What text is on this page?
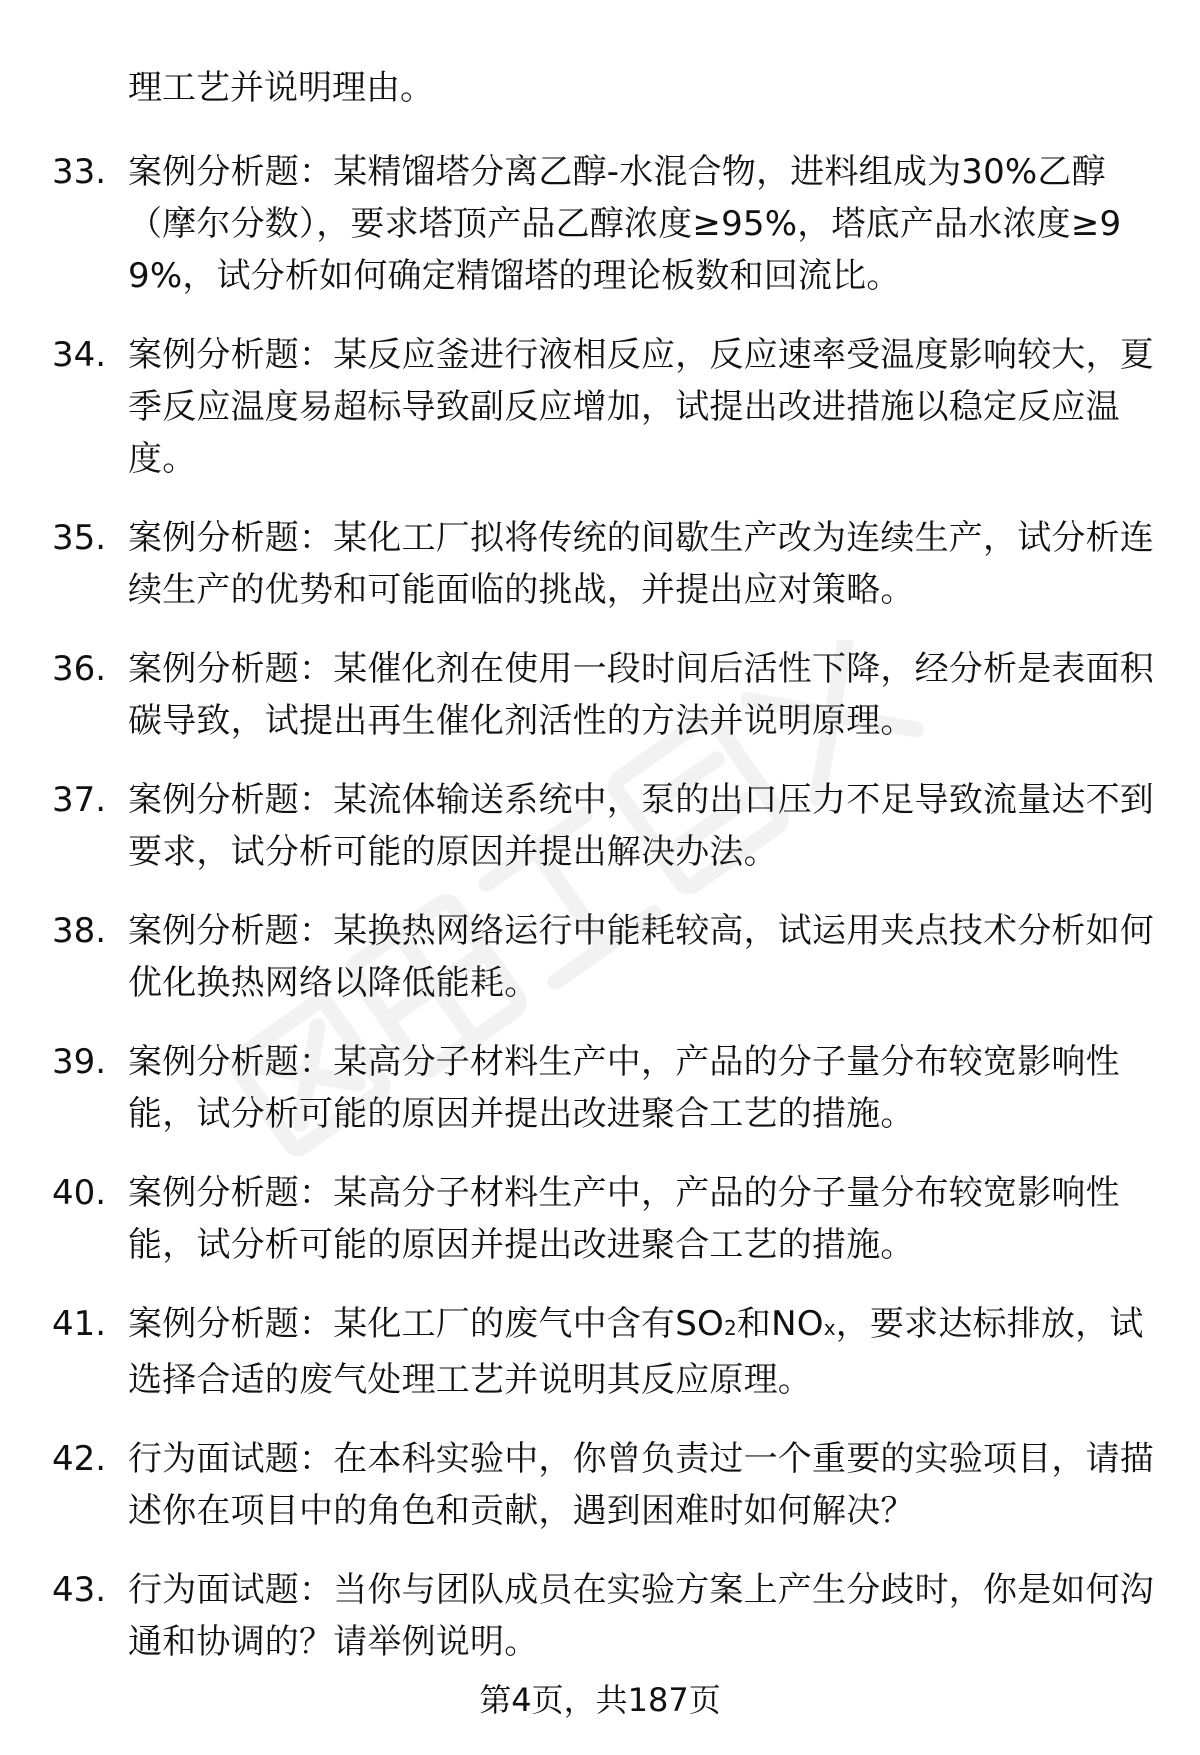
理工艺并说明理由。

33. 案例分析题：某精馏塔分离乙醇-水混合物，进料组成为30%乙醇（摩尔分数），要求塔顶产品乙醇浓度≥95%，塔底产品水浓度≥99%，试分析如何确定精馏塔的理论板数和回流比。
34. 案例分析题：某反应釜进行液相反应，反应速率受温度影响较大，夏季反应温度易超标导致副反应增加，试提出改进措施以稳定反应温度。
35. 案例分析题：某化工厂拟将传统的间歇生产改为连续生产，试分析连续生产的优势和可能面临的挑战，并提出应对策略。
36. 案例分析题：某催化剂在使用一段时间后活性下降，经分析是表面积碳导致，试提出再生催化剂活性的方法并说明原理。
37. 案例分析题：某流体输送系统中，泵的出口压力不足导致流量达不到要求，试分析可能的原因并提出解决办法。
38. 案例分析题：某换热网络运行中能耗较高，试运用夹点技术分析如何优化换热网络以降低能耗。
39. 案例分析题：某高分子材料生产中，产品的分子量分布较宽影响性能，试分析可能的原因并提出改进聚合工艺的措施。
40. 案例分析题：某高分子材料生产中，产品的分子量分布较宽影响性能，试分析可能的原因并提出改进聚合工艺的措施。
41. 案例分析题：某化工厂的废气中含有SO2和NOx，要求达标排放，试选择合适的废气处理工艺并说明其反应原理。
42. 行为面试题：在本科实验中，你曾负责过一个重要的实验项目，请描述你在项目中的角色和贡献，遇到困难时如何解决？
43. 行为面试题：当你与团队成员在实验方案上产生分歧时，你是如何沟通和协调的？请举例说明。
第4页，共187页
